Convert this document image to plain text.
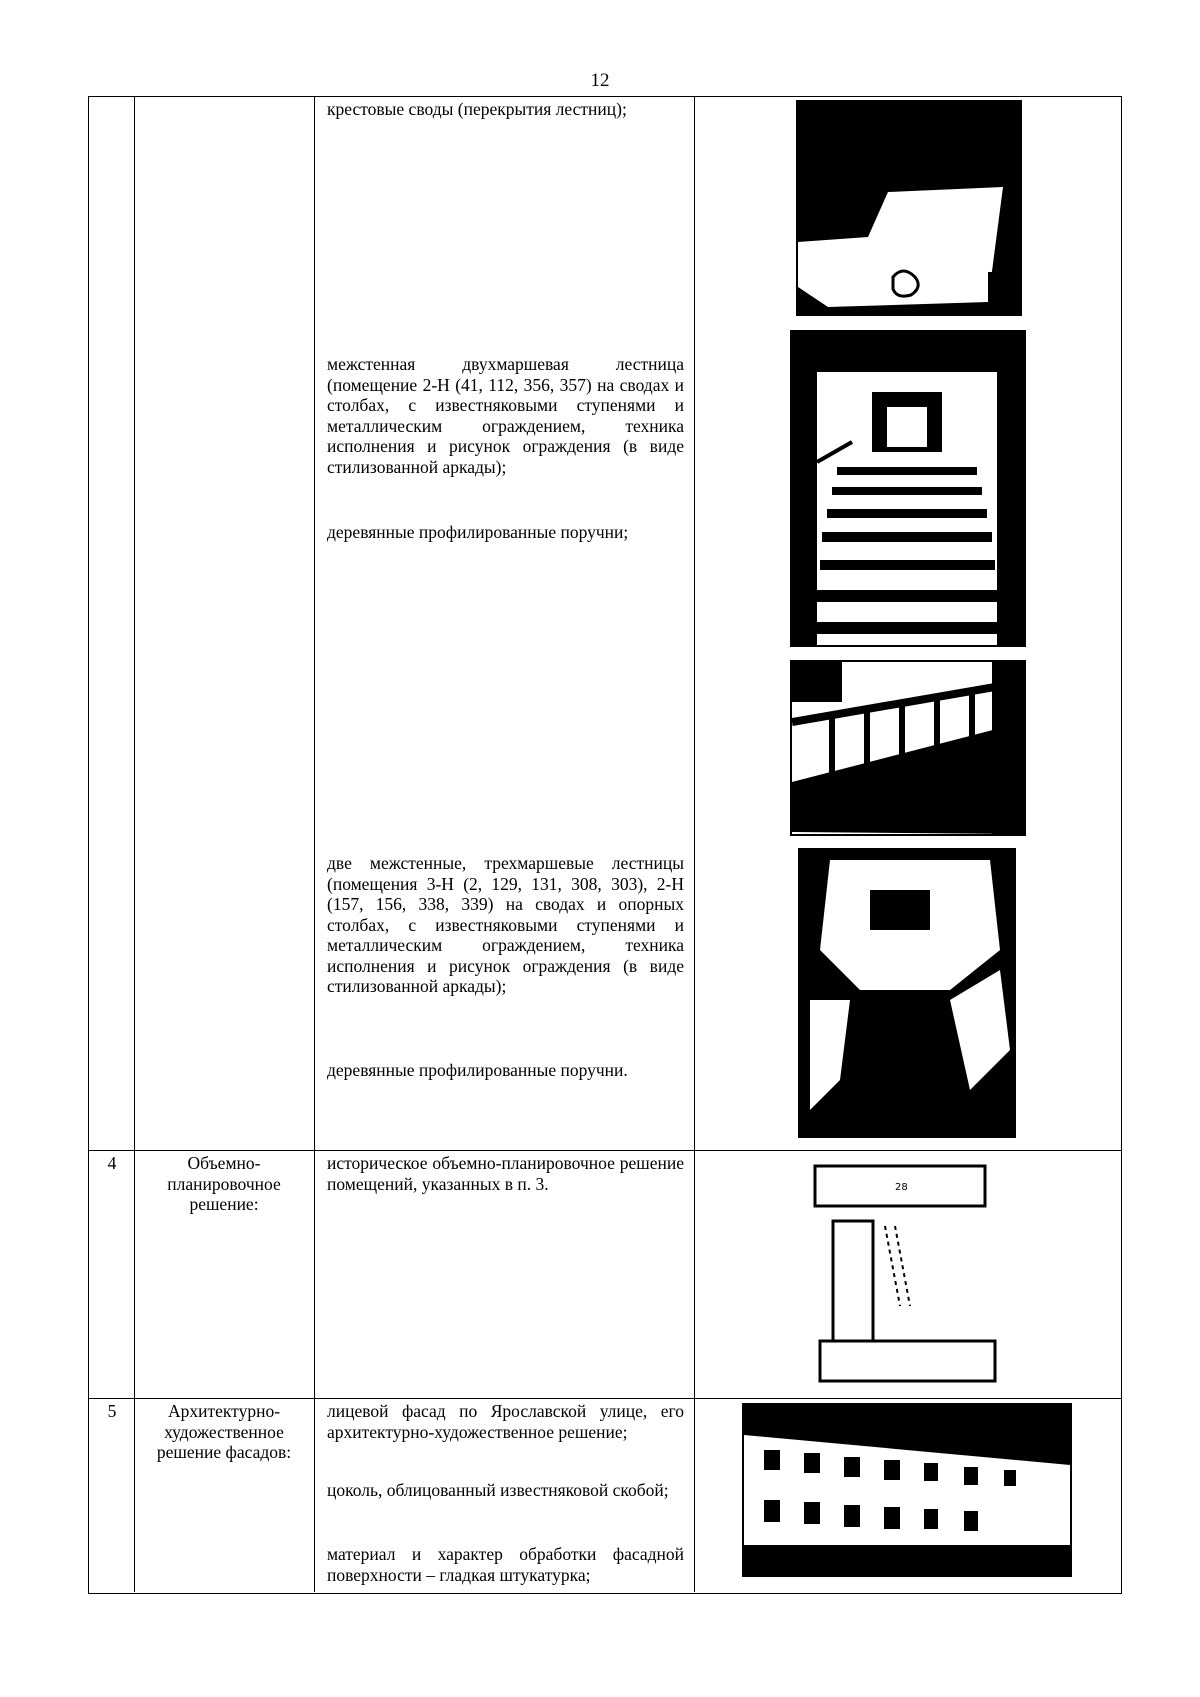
12

крестовые своды (перекрытия лестниц);

межстенная двухмаршевая лестница (помещение 2-Н (41, 112, 356, 357) на сводах и столбах, с известняковыми ступенями и металлическим ограждением, техника исполнения и рисунок ограждения (в виде стилизованной аркады);

деревянные профилированные поручни;

две межстенные, трехмаршевые лестницы (помещения 3-Н (2, 129, 131, 308, 303), 2-Н (157, 156, 338, 339) на сводах и опорных столбах, с известняковыми ступенями и металлическим ограждением, техника исполнения и рисунок ограждения (в виде стилизованной аркады);

деревянные профилированные поручни.

4	Объемно-планировочное решение:
историческое объемно-планировочное решение помещений, указанных в п. 3.
5	Архитектурно-художественное решение фасадов:

лицевой фасад по Ярославской улице, его архитектурно-художественное решение;

цоколь, облицованный известняковой скобой;

материал и характер обработки фасадной поверхности – гладкая штукатурка;

28
